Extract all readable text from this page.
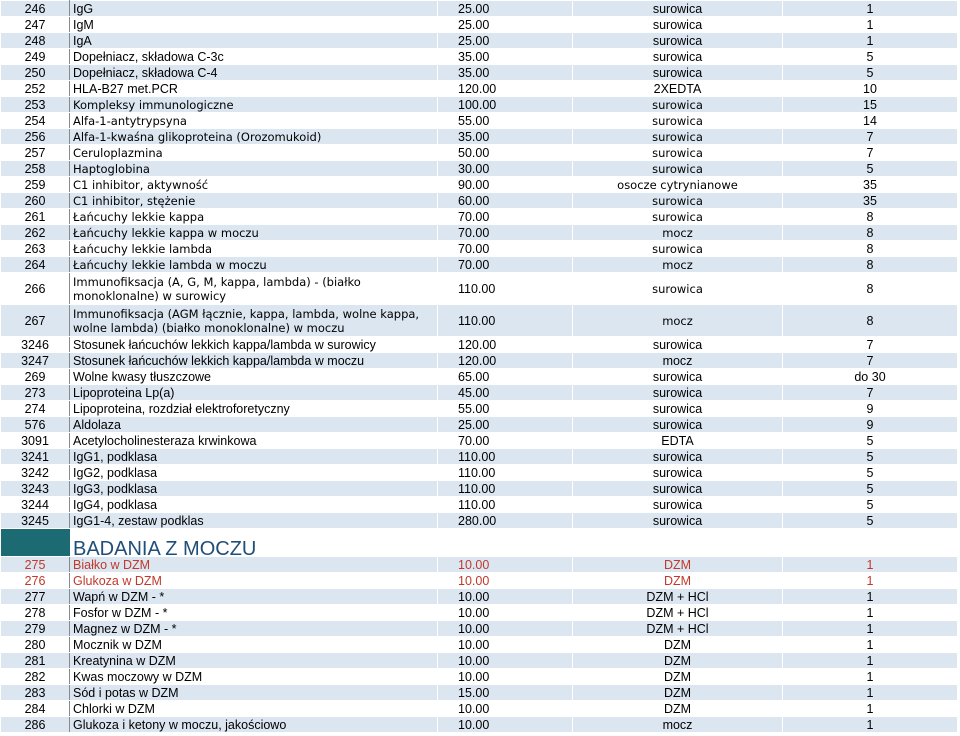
246	IgG	25.00	surowica	1
247	IgM	25.00	surowica	1
248	IgA	25.00	surowica	1
249	Dopełniacz, składowa C-3c	35.00	surowica	5
250	Dopełniacz, składowa C-4	35.00	surowica	5
252	HLA-B27 met.PCR	120.00	2XEDTA	10
253	Kompleksy immunologiczne	100.00	surowica	15
254	Alfa-1-antytrypsyna	55.00	surowica	14
256	Alfa-1-kwaśna glikoproteina (Orozomukoid)	35.00	surowica	7
257	Ceruloplazmina	50.00	surowica	7
258	Haptoglobina	30.00	surowica	5
259	C1 inhibitor, aktywność	90.00	osocze cytrynianowe	35
260	C1 inhibitor, stężenie	60.00	surowica	35
261	Łańcuchy lekkie kappa	70.00	surowica	8
262	Łańcuchy lekkie kappa w moczu	70.00	mocz	8
263	Łańcuchy lekkie lambda	70.00	surowica	8
264	Łańcuchy lekkie lambda w moczu	70.00	mocz	8
266	Immunofiksacja (A, G, M, kappa, lambda) - (białko monoklonalne) w surowicy	110.00	surowica	8
267	Immunofiksacja (AGM łącznie, kappa, lambda, wolne kappa, wolne lambda) (białko monoklonalne) w moczu	110.00	mocz	8
3246	Stosunek łańcuchów lekkich kappa/lambda w surowicy	120.00	surowica	7
3247	Stosunek łańcuchów lekkich kappa/lambda w moczu	120.00	mocz	7
269	Wolne kwasy tłuszczowe	65.00	surowica	do 30
273	Lipoproteina Lp(a)	45.00	surowica	7
274	Lipoproteina, rozdział elektroforetyczny	55.00	surowica	9
576	Aldolaza	25.00	surowica	9
3091	Acetylocholinesteraza krwinkowa	70.00	EDTA	5
3241	IgG1, podklasa	110.00	surowica	5
3242	IgG2, podklasa	110.00	surowica	5
3243	IgG3, podklasa	110.00	surowica	5
3244	IgG4, podklasa	110.00	surowica	5
3245	IgG1-4, zestaw podklas	280.00	surowica	5
	BADANIA Z MOCZU			
275	Białko w DZM	10.00	DZM	1
276	Glukoza w DZM	10.00	DZM	1
277	Wapń w DZM - *	10.00	DZM + HCl	1
278	Fosfor w DZM - *	10.00	DZM + HCl	1
279	Magnez w DZM - *	10.00	DZM + HCl	1
280	Mocznik w DZM	10.00	DZM	1
281	Kreatynina w DZM	10.00	DZM	1
282	Kwas moczowy w DZM	10.00	DZM	1
283	Sód i potas w DZM	15.00	DZM	1
284	Chlorki w DZM	10.00	DZM	1
286	Glukoza i ketony w moczu, jakościowo	10.00	mocz	1
